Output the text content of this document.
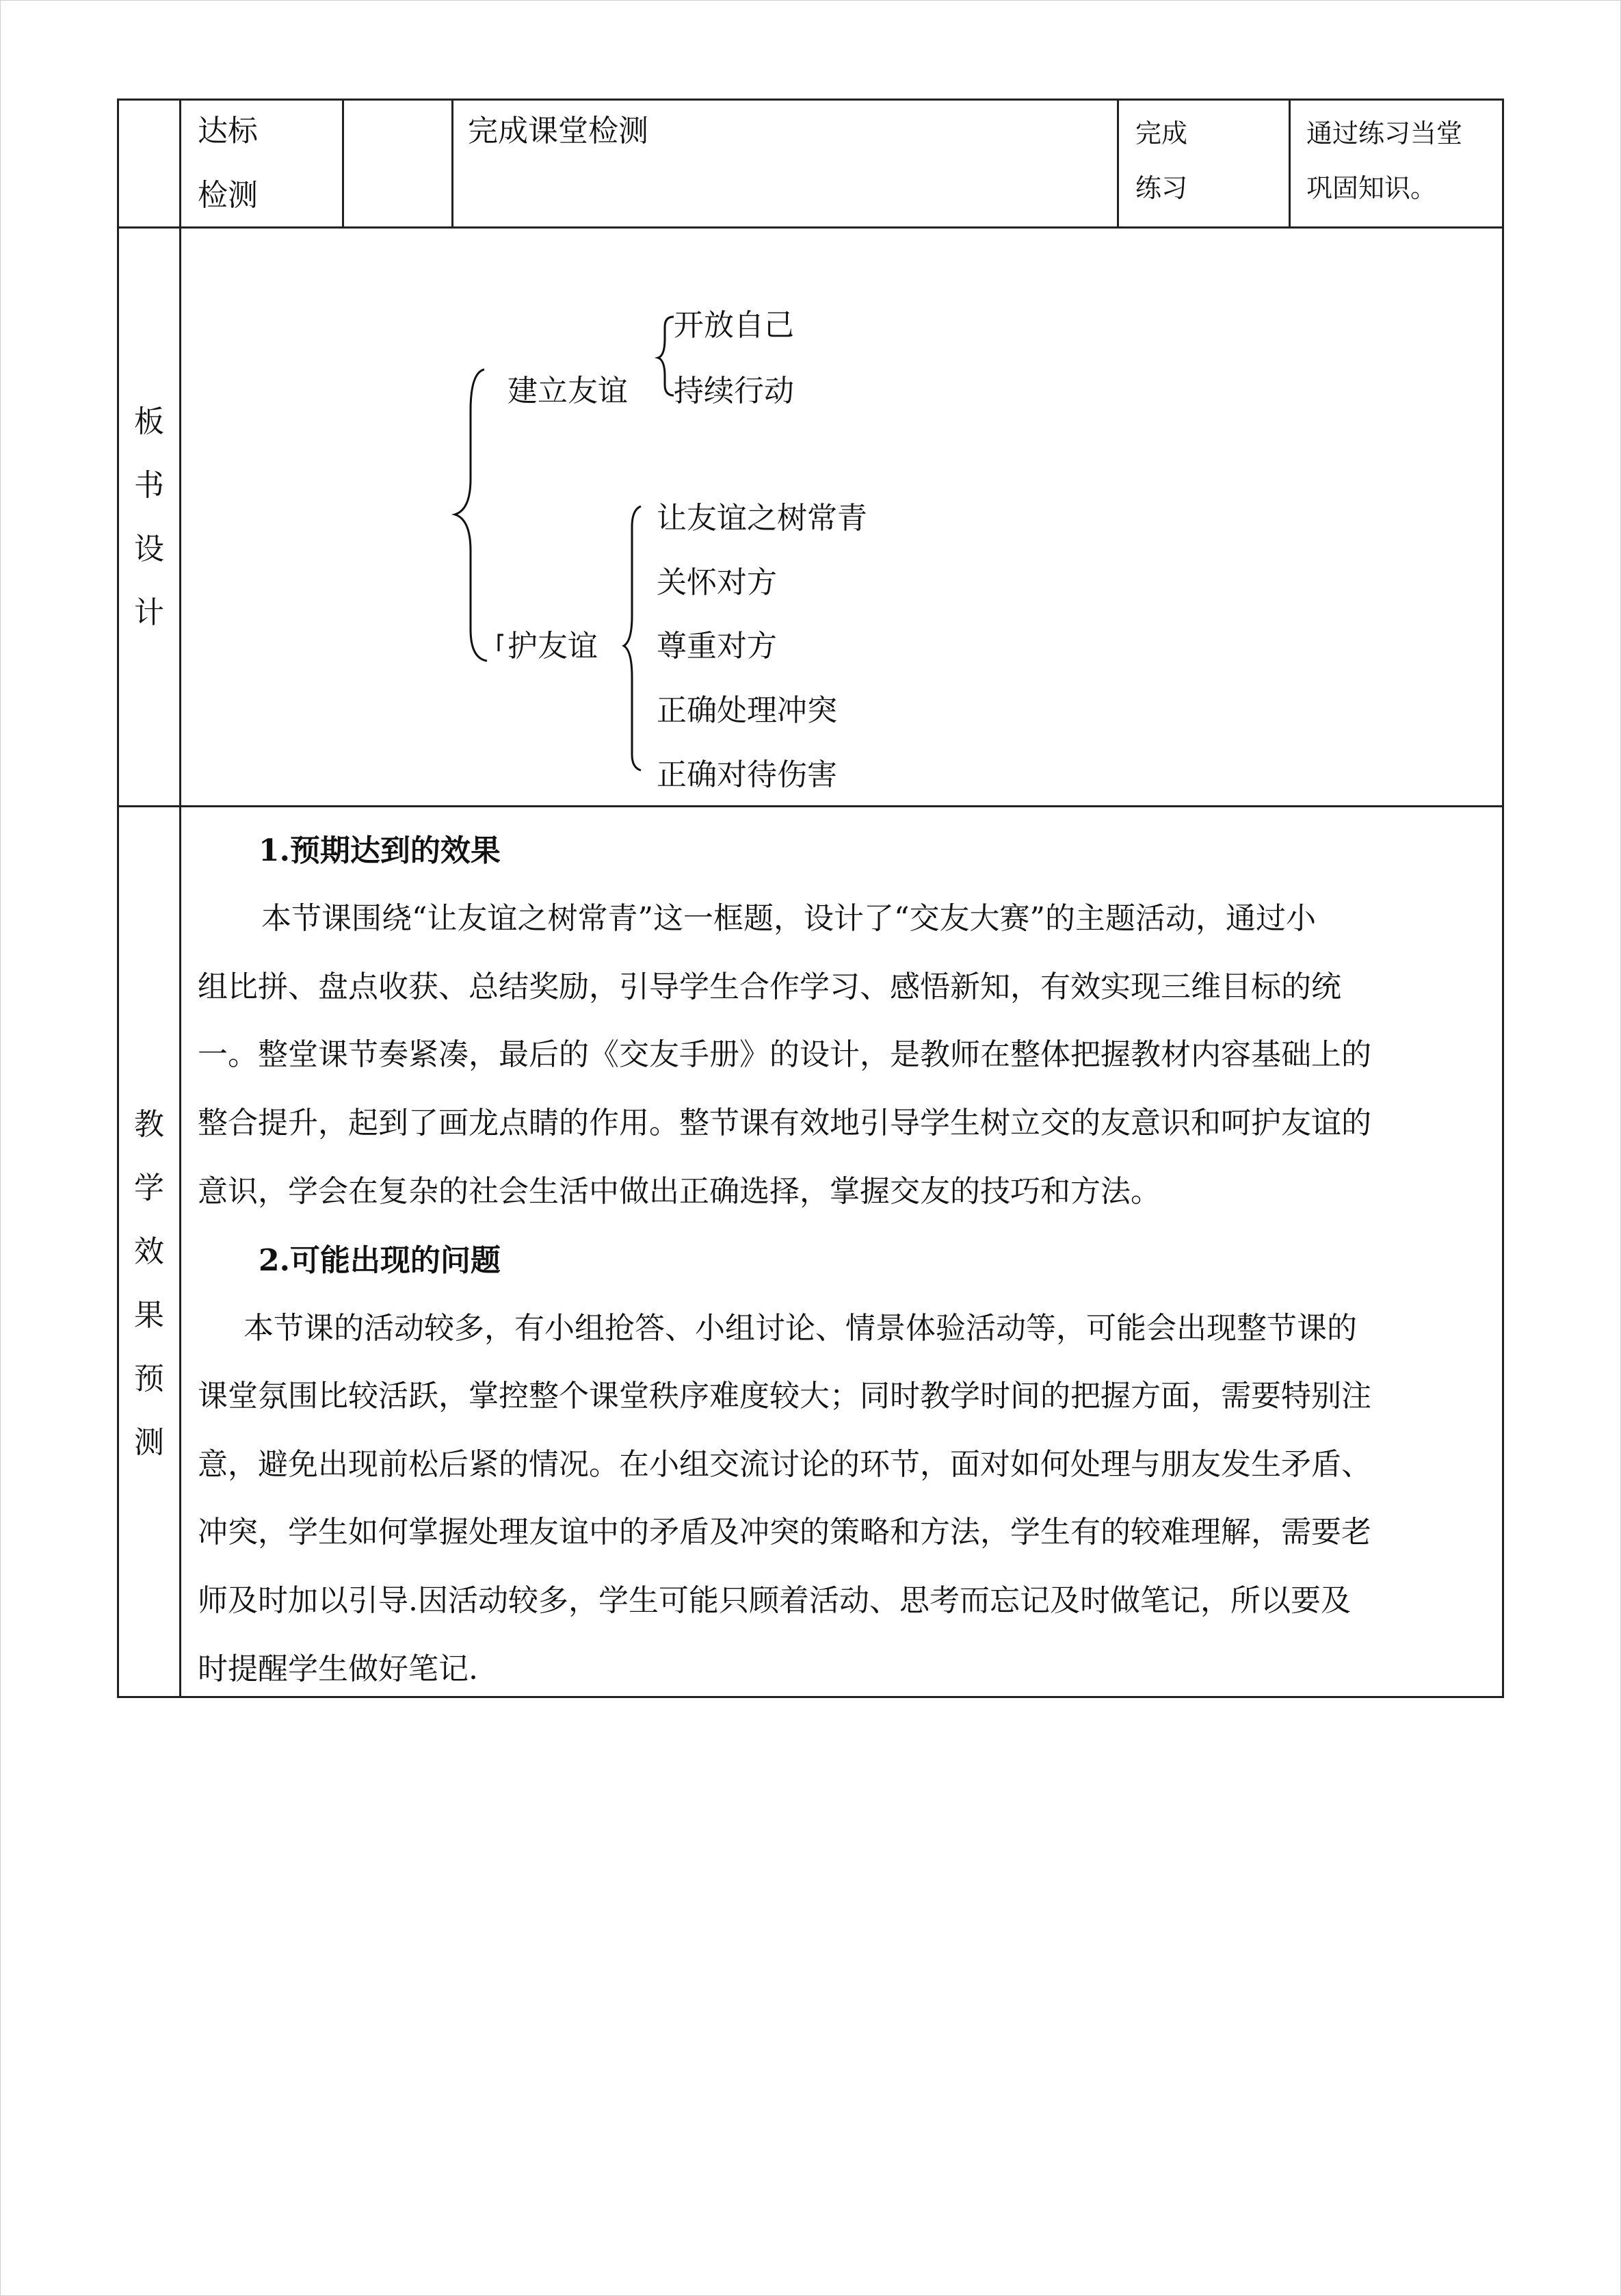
达标
检测
完成课堂检测	完成
练习
通过练习当堂
巩固知识。
板
书
设
计
建立友谊
开放自己
持续行动
护友谊
让友谊之树常青
关怀对方
尊重对方
正确处理冲突
正确对待伤害
教
学
效
果
预
测
1.预期达到的效果
本节课围绕“让友谊之树常青”这一框题，设计了“交友大赛”的主题活动，通过小
组比拼、盘点收获、总结奖励，引导学生合作学习、感悟新知，有效实现三维目标的统
一。整堂课节奏紧凑，最后的《交友手册》的设计，是教师在整体把握教材内容基础上的
整合提升，起到了画龙点睛的作用。整节课有效地引导学生树立交的友意识和呵护友谊的
意识，学会在复杂的社会生活中做出正确选择，掌握交友的技巧和方法。
2.可能出现的问题
本节课的活动较多，有小组抢答、小组讨论、情景体验活动等，可能会出现整节课的
课堂氛围比较活跃，掌控整个课堂秩序难度较大；同时教学时间的把握方面，需要特别注
意，避免出现前松后紧的情况。在小组交流讨论的环节，面对如何处理与朋友发生矛盾、
冲突，学生如何掌握处理友谊中的矛盾及冲突的策略和方法，学生有的较难理解，需要老
师及时加以引导.因活动较多，学生可能只顾着活动、思考而忘记及时做笔记，所以要及
时提醒学生做好笔记.
